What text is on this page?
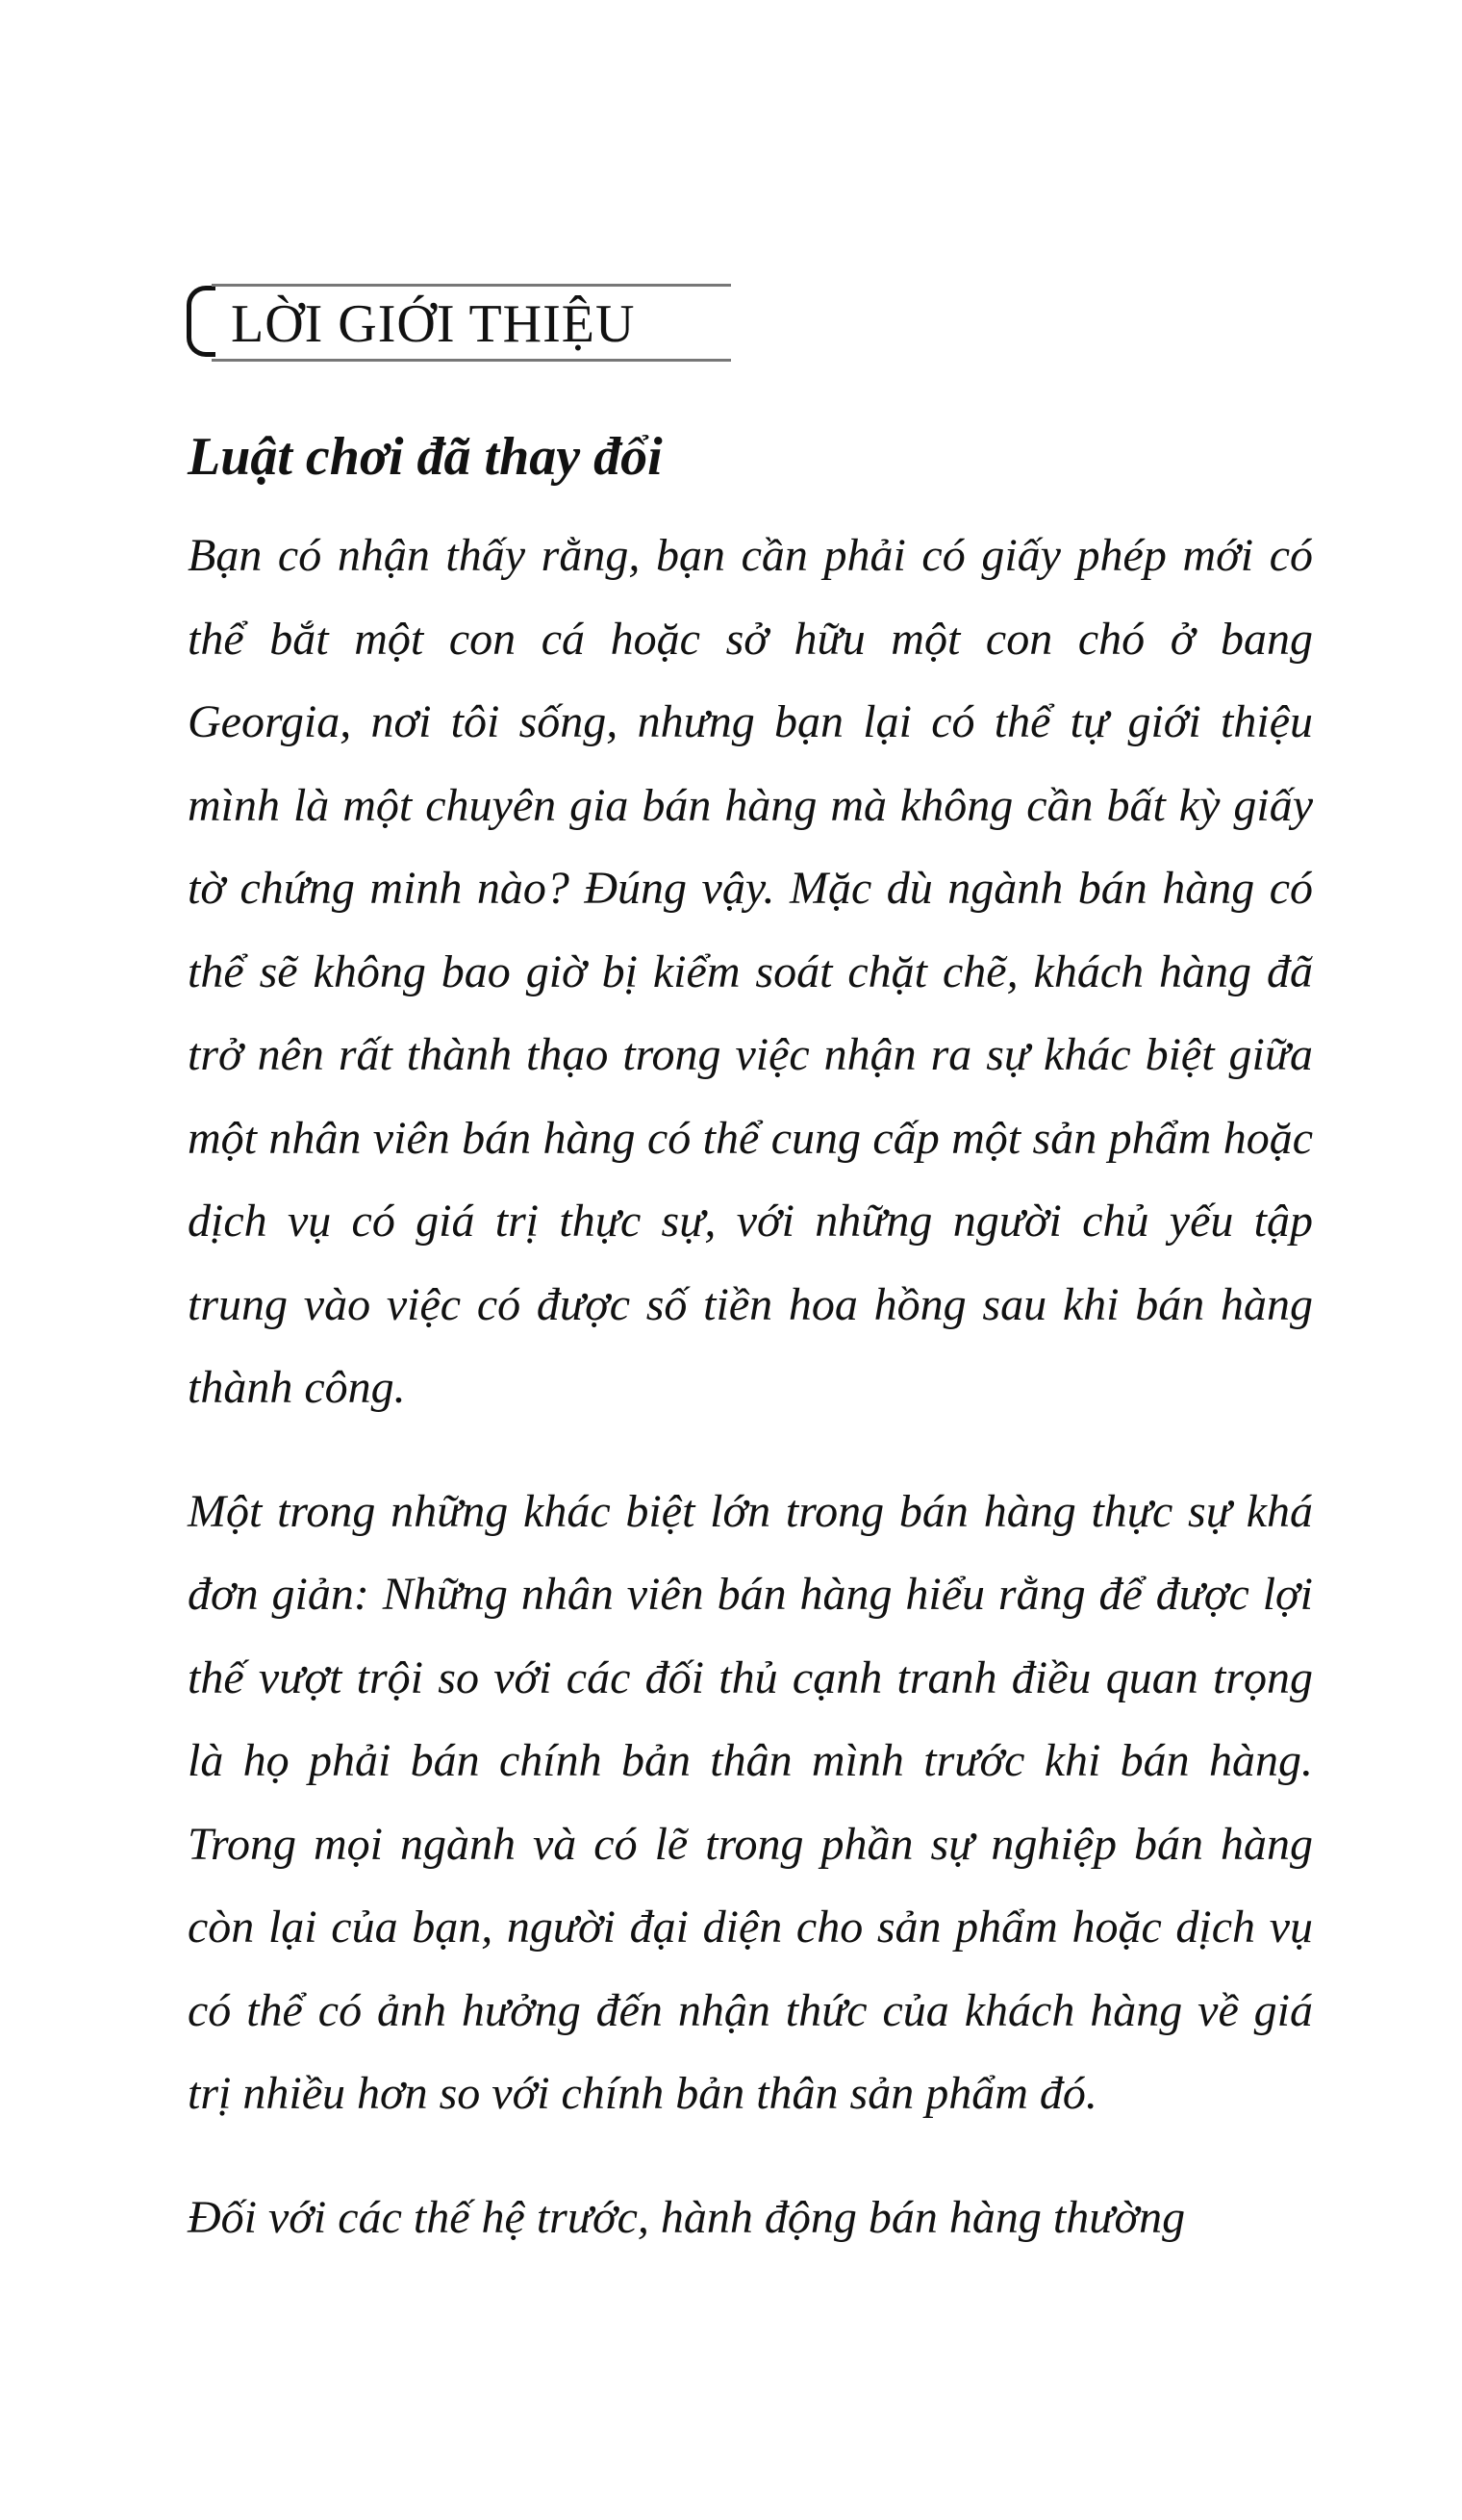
LỜI GIỚI THIỆU
Luật chơi đã thay đổi

Bạn có nhận thấy rằng, bạn cần phải có giấy phép mới có thể bắt một con cá hoặc sở hữu một con chó ở bang Georgia, nơi tôi sống, nhưng bạn lại có thể tự giới thiệu mình là một chuyên gia bán hàng mà không cần bất kỳ giấy tờ chứng minh nào? Đúng vậy. Mặc dù ngành bán hàng có thể sẽ không bao giờ bị kiểm soát chặt chẽ, khách hàng đã trở nên rất thành thạo trong việc nhận ra sự khác biệt giữa một nhân viên bán hàng có thể cung cấp một sản phẩm hoặc dịch vụ có giá trị thực sự, với những người chủ yếu tập trung vào việc có được số tiền hoa hồng sau khi bán hàng thành công.

Một trong những khác biệt lớn trong bán hàng thực sự khá đơn giản: Những nhân viên bán hàng hiểu rằng để được lợi thế vượt trội so với các đối thủ cạnh tranh điều quan trọng là họ phải bán chính bản thân mình trước khi bán hàng. Trong mọi ngành và có lẽ trong phần sự nghiệp bán hàng còn lại của bạn, người đại diện cho sản phẩm hoặc dịch vụ có thể có ảnh hưởng đến nhận thức của khách hàng về giá trị nhiều hơn so với chính bản thân sản phẩm đó.

Đối với các thế hệ trước, hành động bán hàng thường
